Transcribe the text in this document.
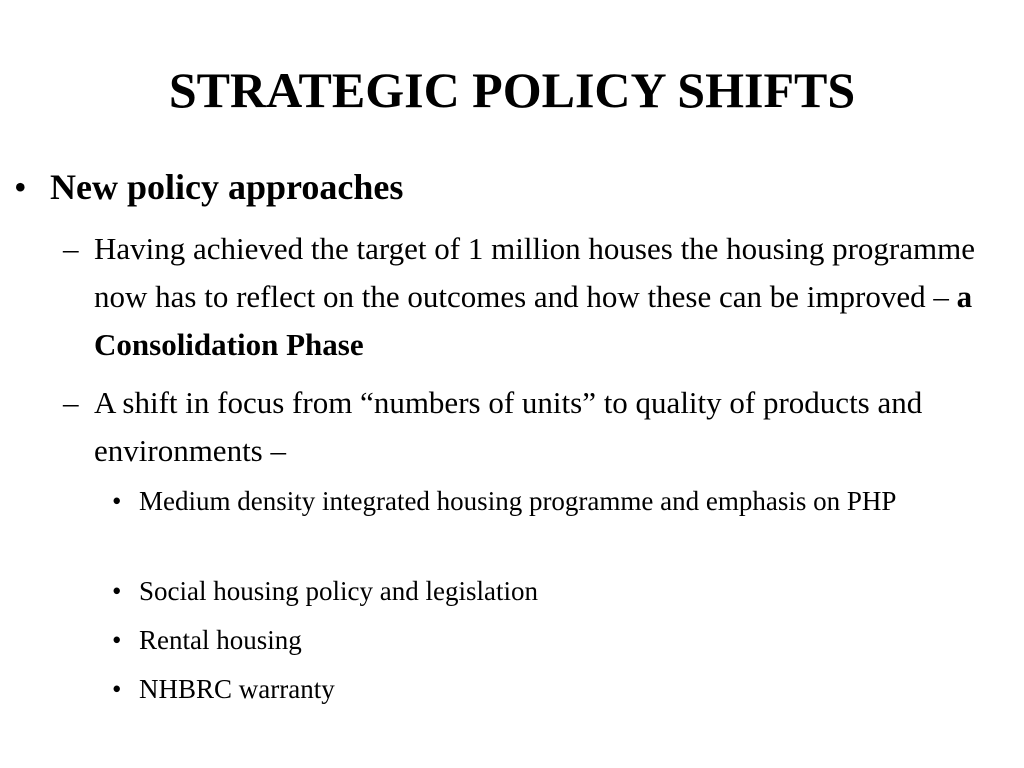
STRATEGIC POLICY SHIFTS
• New policy approaches
– Having achieved the target of 1 million houses the housing programme now has to reflect on the outcomes and how these can be improved – a Consolidation Phase
– A shift in focus from “numbers of units” to quality of products and environments –
• Medium density integrated housing programme and emphasis on PHP
• Social housing policy and legislation
• Rental housing
• NHBRC warranty
